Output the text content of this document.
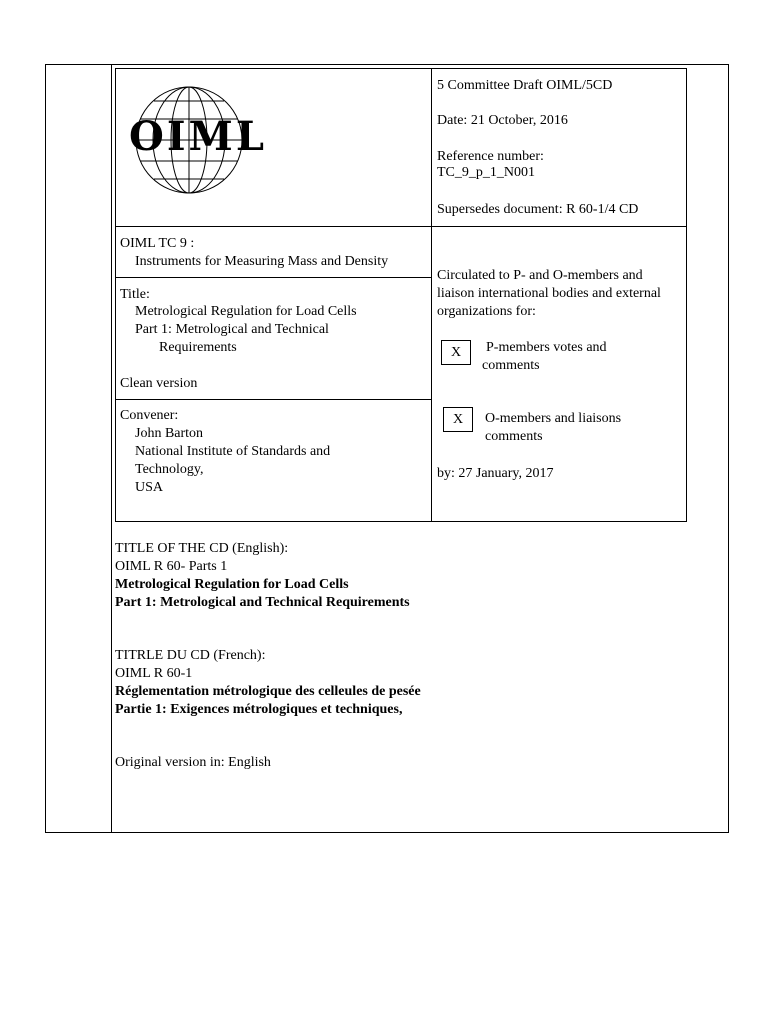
OIML
5 Committee Draft OIML/5CD
Date: 21 October, 2016
Reference number:
TC_9_p_1_N001
Supersedes document: R 60-1/4 CD
OIML TC 9 :
Instruments for Measuring Mass and Density
Title:
Metrological Regulation for Load Cells
Part 1: Metrological and Technical
Requirements
Clean version
Convener:
John Barton
National Institute of Standards and
Technology,
USA
Circulated to P- and O-members and
liaison international bodies and external
organizations for:
X	P-members votes and
comments
X	O-members and liaisons
comments
by: 27 January, 2017
TITLE OF THE CD (English):
OIML R 60- Parts 1
Metrological Regulation for Load Cells
Part 1: Metrological and Technical Requirements
TITRLE DU CD (French):
OIML R 60-1
Réglementation métrologique des celleules de pesée
Partie 1: Exigences métrologiques et techniques,
Original version in: English
